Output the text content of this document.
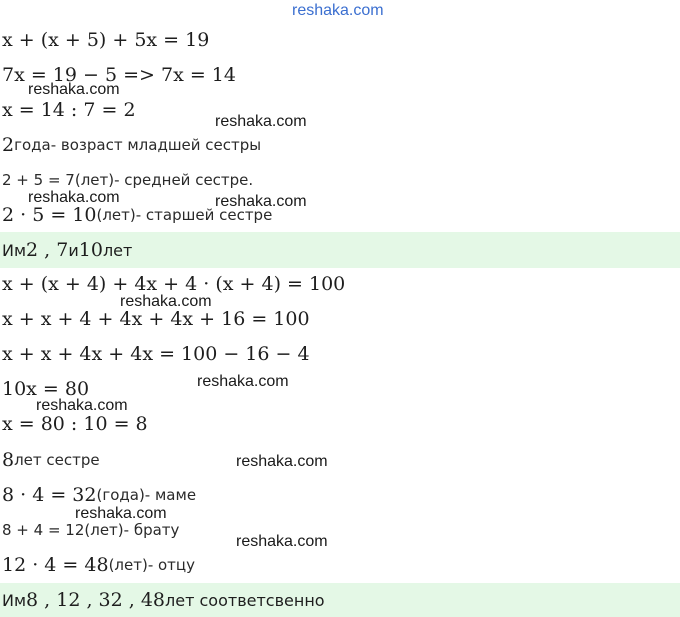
reshaka.com
reshaka.com
reshaka.com
reshaka.com	reshaka.com
reshaka.com
reshaka.com
reshaka.com
reshaka.com
reshaka.com
reshaka.com
x + (x + 5) + 5x = 19
7x = 19 − 5 => 7x = 14
x = 14 : 7 = 2
2 года- возраст младшей сестры
2 + 5 = 7 (лет)- средней сестре.
2 · 5 = 10 (лет)- старшей сестре
Им 2 , 7 и 10 лет
x + (x + 4) + 4x + 4 · (x + 4) = 100
x + x + 4 + 4x + 4x + 16 = 100
x + x + 4x + 4x = 100 − 16 − 4
10x = 80
x = 80 : 10 = 8
8 лет сестре
8 · 4 = 32 (года)- маме
8 + 4 = 12 (лет)- брату
12 · 4 = 48 (лет)- отцу
Им 8 , 12 , 32 , 48 лет соответсвенно
